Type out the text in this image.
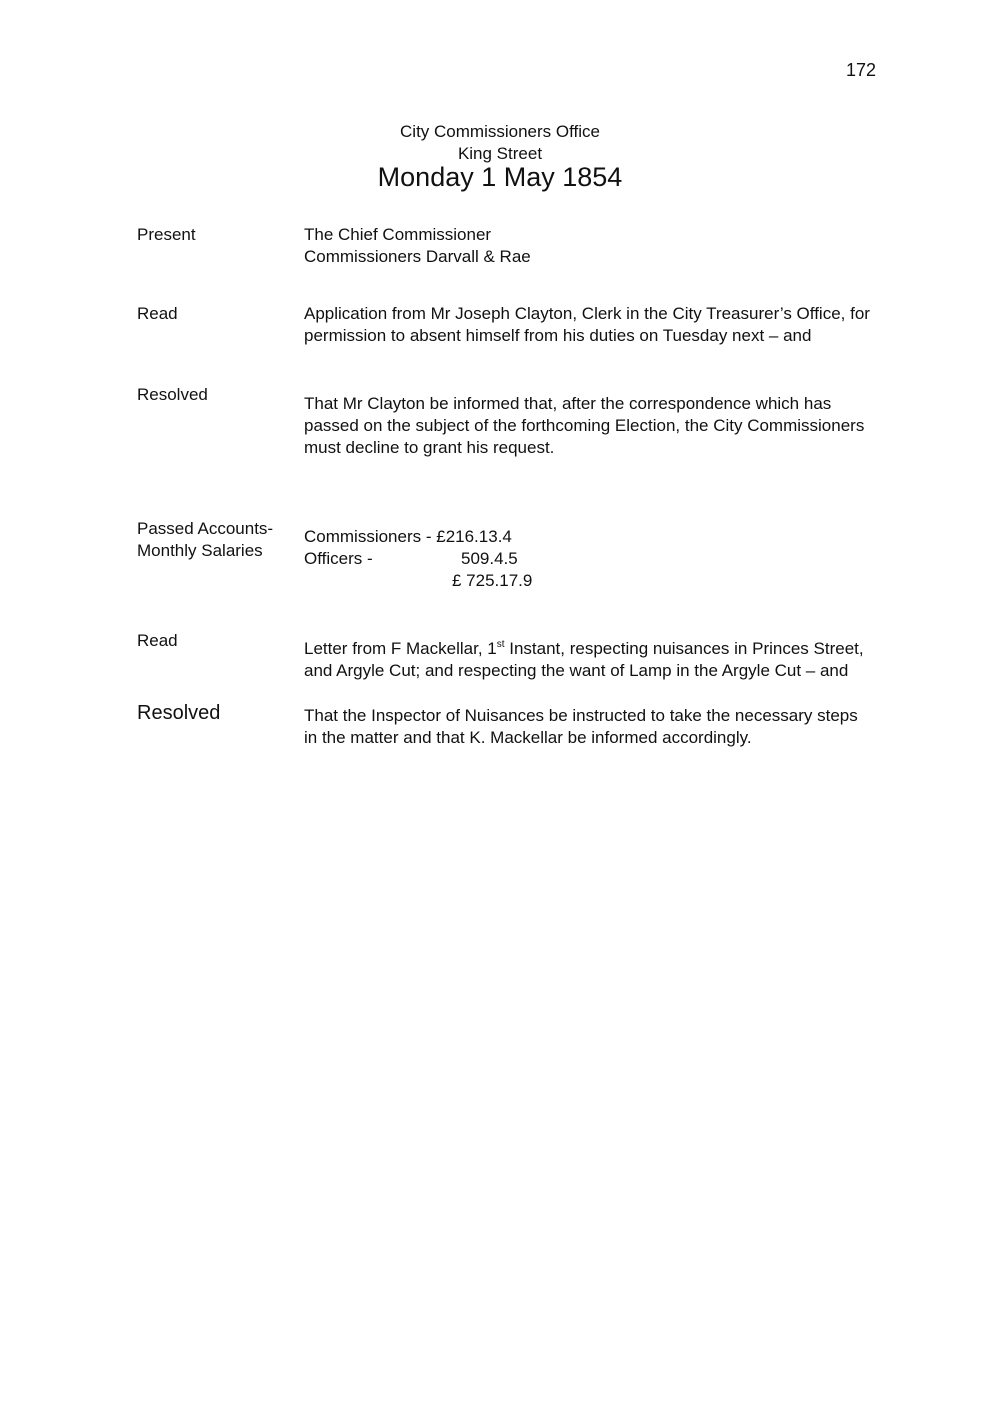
172
City Commissioners Office
King Street
Monday 1 May 1854
Present	The Chief Commissioner
Commissioners Darvall & Rae
Read	Application from Mr Joseph Clayton, Clerk in the City Treasurer’s Office, for
permission to absent himself from his duties on Tuesday next – and
Resolved	That Mr Clayton be informed that, after the correspondence which has
passed on the subject of the forthcoming Election, the City Commissioners
must decline to grant his request.
Passed Accounts-
Monthly Salaries
Commissioners - £216.13.4
Officers -	509.4.5
£ 725.17.9
Read	Letter from F Mackellar, 1st Instant, respecting nuisances in Princes Street,
and Argyle Cut; and respecting the want of Lamp in the Argyle Cut – and
Resolved	That the Inspector of Nuisances be instructed to take the necessary steps
in the matter and that K. Mackellar be informed accordingly.
